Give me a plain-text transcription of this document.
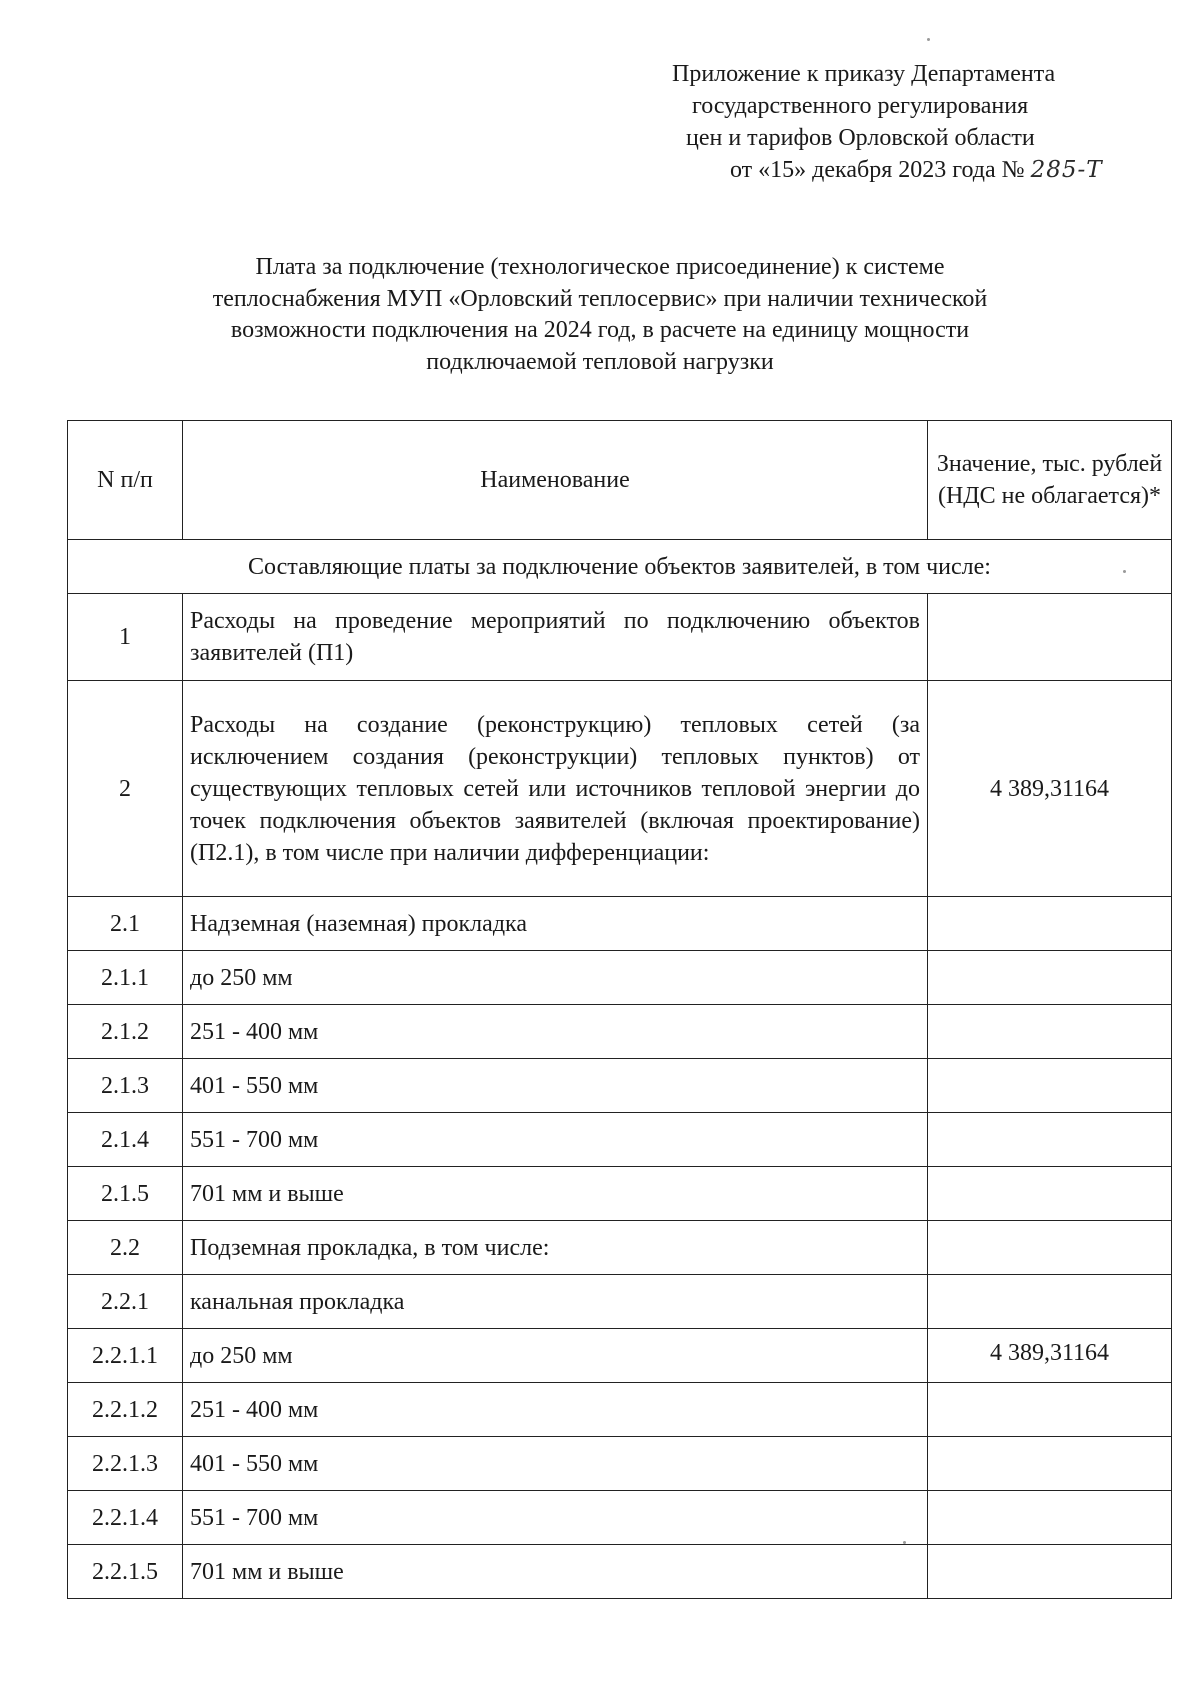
Приложение к приказу Департамента
государственного регулирования
цен и тарифов Орловской области
от «15» декабря 2023 года № 285-Т
Плата за подключение (технологическое присоединение) к системе
теплоснабжения МУП «Орловский теплосервис» при наличии технической
возможности подключения на 2024 год, в расчете на единицу мощности
подключаемой тепловой нагрузки
N п/п	Наименование	Значение, тыс. рублей (НДС не облагается)*
Составляющие платы за подключение объектов заявителей, в том числе:		
1	Расходы на проведение мероприятий по подключению объектов заявителей (П1)	
2	Расходы на создание (реконструкцию) тепловых сетей (за исключением создания (реконструкции) тепловых пунктов) от существующих тепловых сетей или источников тепловой энергии до точек подключения объектов заявителей (включая проектирование) (П2.1), в том числе при наличии дифференциации:	4 389,31164
2.1	Надземная (наземная) прокладка	
2.1.1	до 250 мм	
2.1.2	251 - 400 мм	
2.1.3	401 - 550 мм	
2.1.4	551 - 700 мм	
2.1.5	701 мм и выше	
2.2	Подземная прокладка, в том числе:	
2.2.1	канальная прокладка	
2.2.1.1	до 250 мм	4 389,31164
2.2.1.2	251 - 400 мм	
2.2.1.3	401 - 550 мм	
2.2.1.4	551 - 700 мм	
2.2.1.5	701 мм и выше	
